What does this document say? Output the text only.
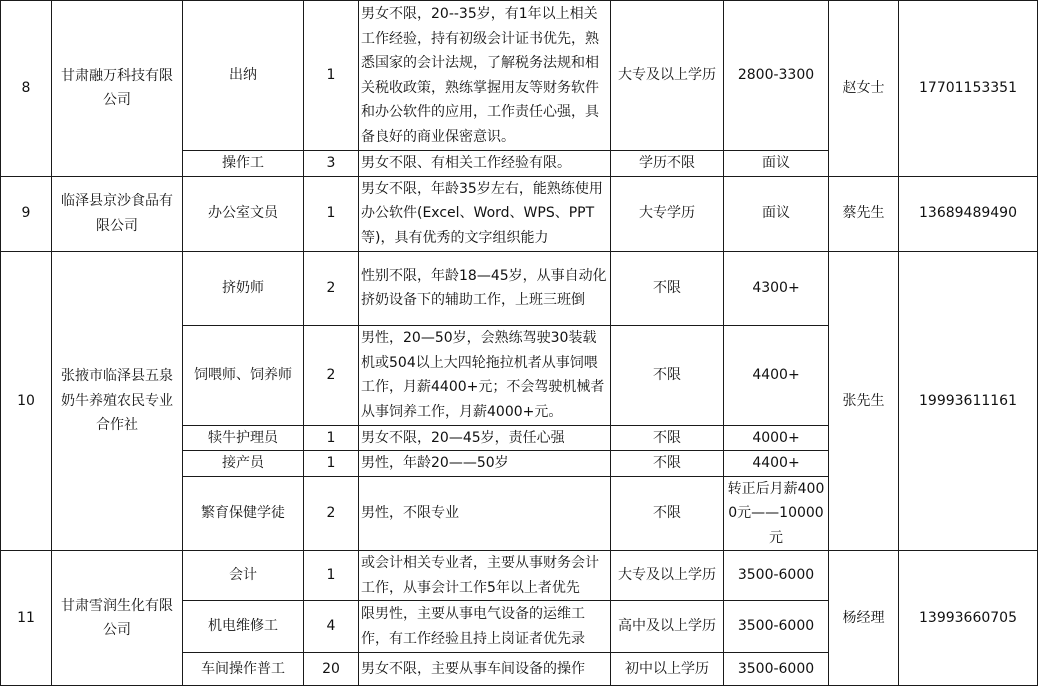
8	甘肃融万科技有限公司	出纳	1	男女不限，20--35岁，有1年以上相关工作经验，持有初级会计证书优先，熟悉国家的会计法规，了解税务法规和相关税收政策，熟练掌握用友等财务软件和办公软件的应用，工作责任心强，具备良好的商业保密意识。	大专及以上学历	2800-3300	赵女士	17701153351
		操作工	3	男女不限、有相关工作经验有限。	学历不限	面议		
9	临泽县京沙食品有限公司	办公室文员	1	男女不限，年龄35岁左右，能熟练使用办公软件(Excel、Word、WPS、PPT等)，具有优秀的文字组织能力	大专学历	面议	蔡先生	13689489490
10	张掖市临泽县五泉奶牛养殖农民专业合作社	挤奶师	2	性别不限，年龄18—45岁，从事自动化挤奶设备下的辅助工作，上班三班倒	不限	4300+	张先生	19993611161
		饲喂师、饲养师	2	男性，20—50岁，会熟练驾驶30装载机或504以上大四轮拖拉机者从事饲喂工作，月薪4400+元；不会驾驶机械者从事饲养工作，月薪4000+元。	不限	4400+		
		犊牛护理员	1	男女不限，20—45岁，责任心强	不限	4000+		
		接产员	1	男性，年龄20——50岁	不限	4400+		
		繁育保健学徒	2	男性，不限专业	不限	转正后月薪4000元——10000元		
11	甘肃雪润生化有限公司	会计	1	或会计相关专业者，主要从事财务会计工作，从事会计工作5年以上者优先	大专及以上学历	3500-6000	杨经理	13993660705
		机电维修工	4	限男性，主要从事电气设备的运维工作，有工作经验且持上岗证者优先录	高中及以上学历	3500-6000		
		车间操作普工	20	男女不限，主要从事车间设备的操作	初中以上学历	3500-6000		
